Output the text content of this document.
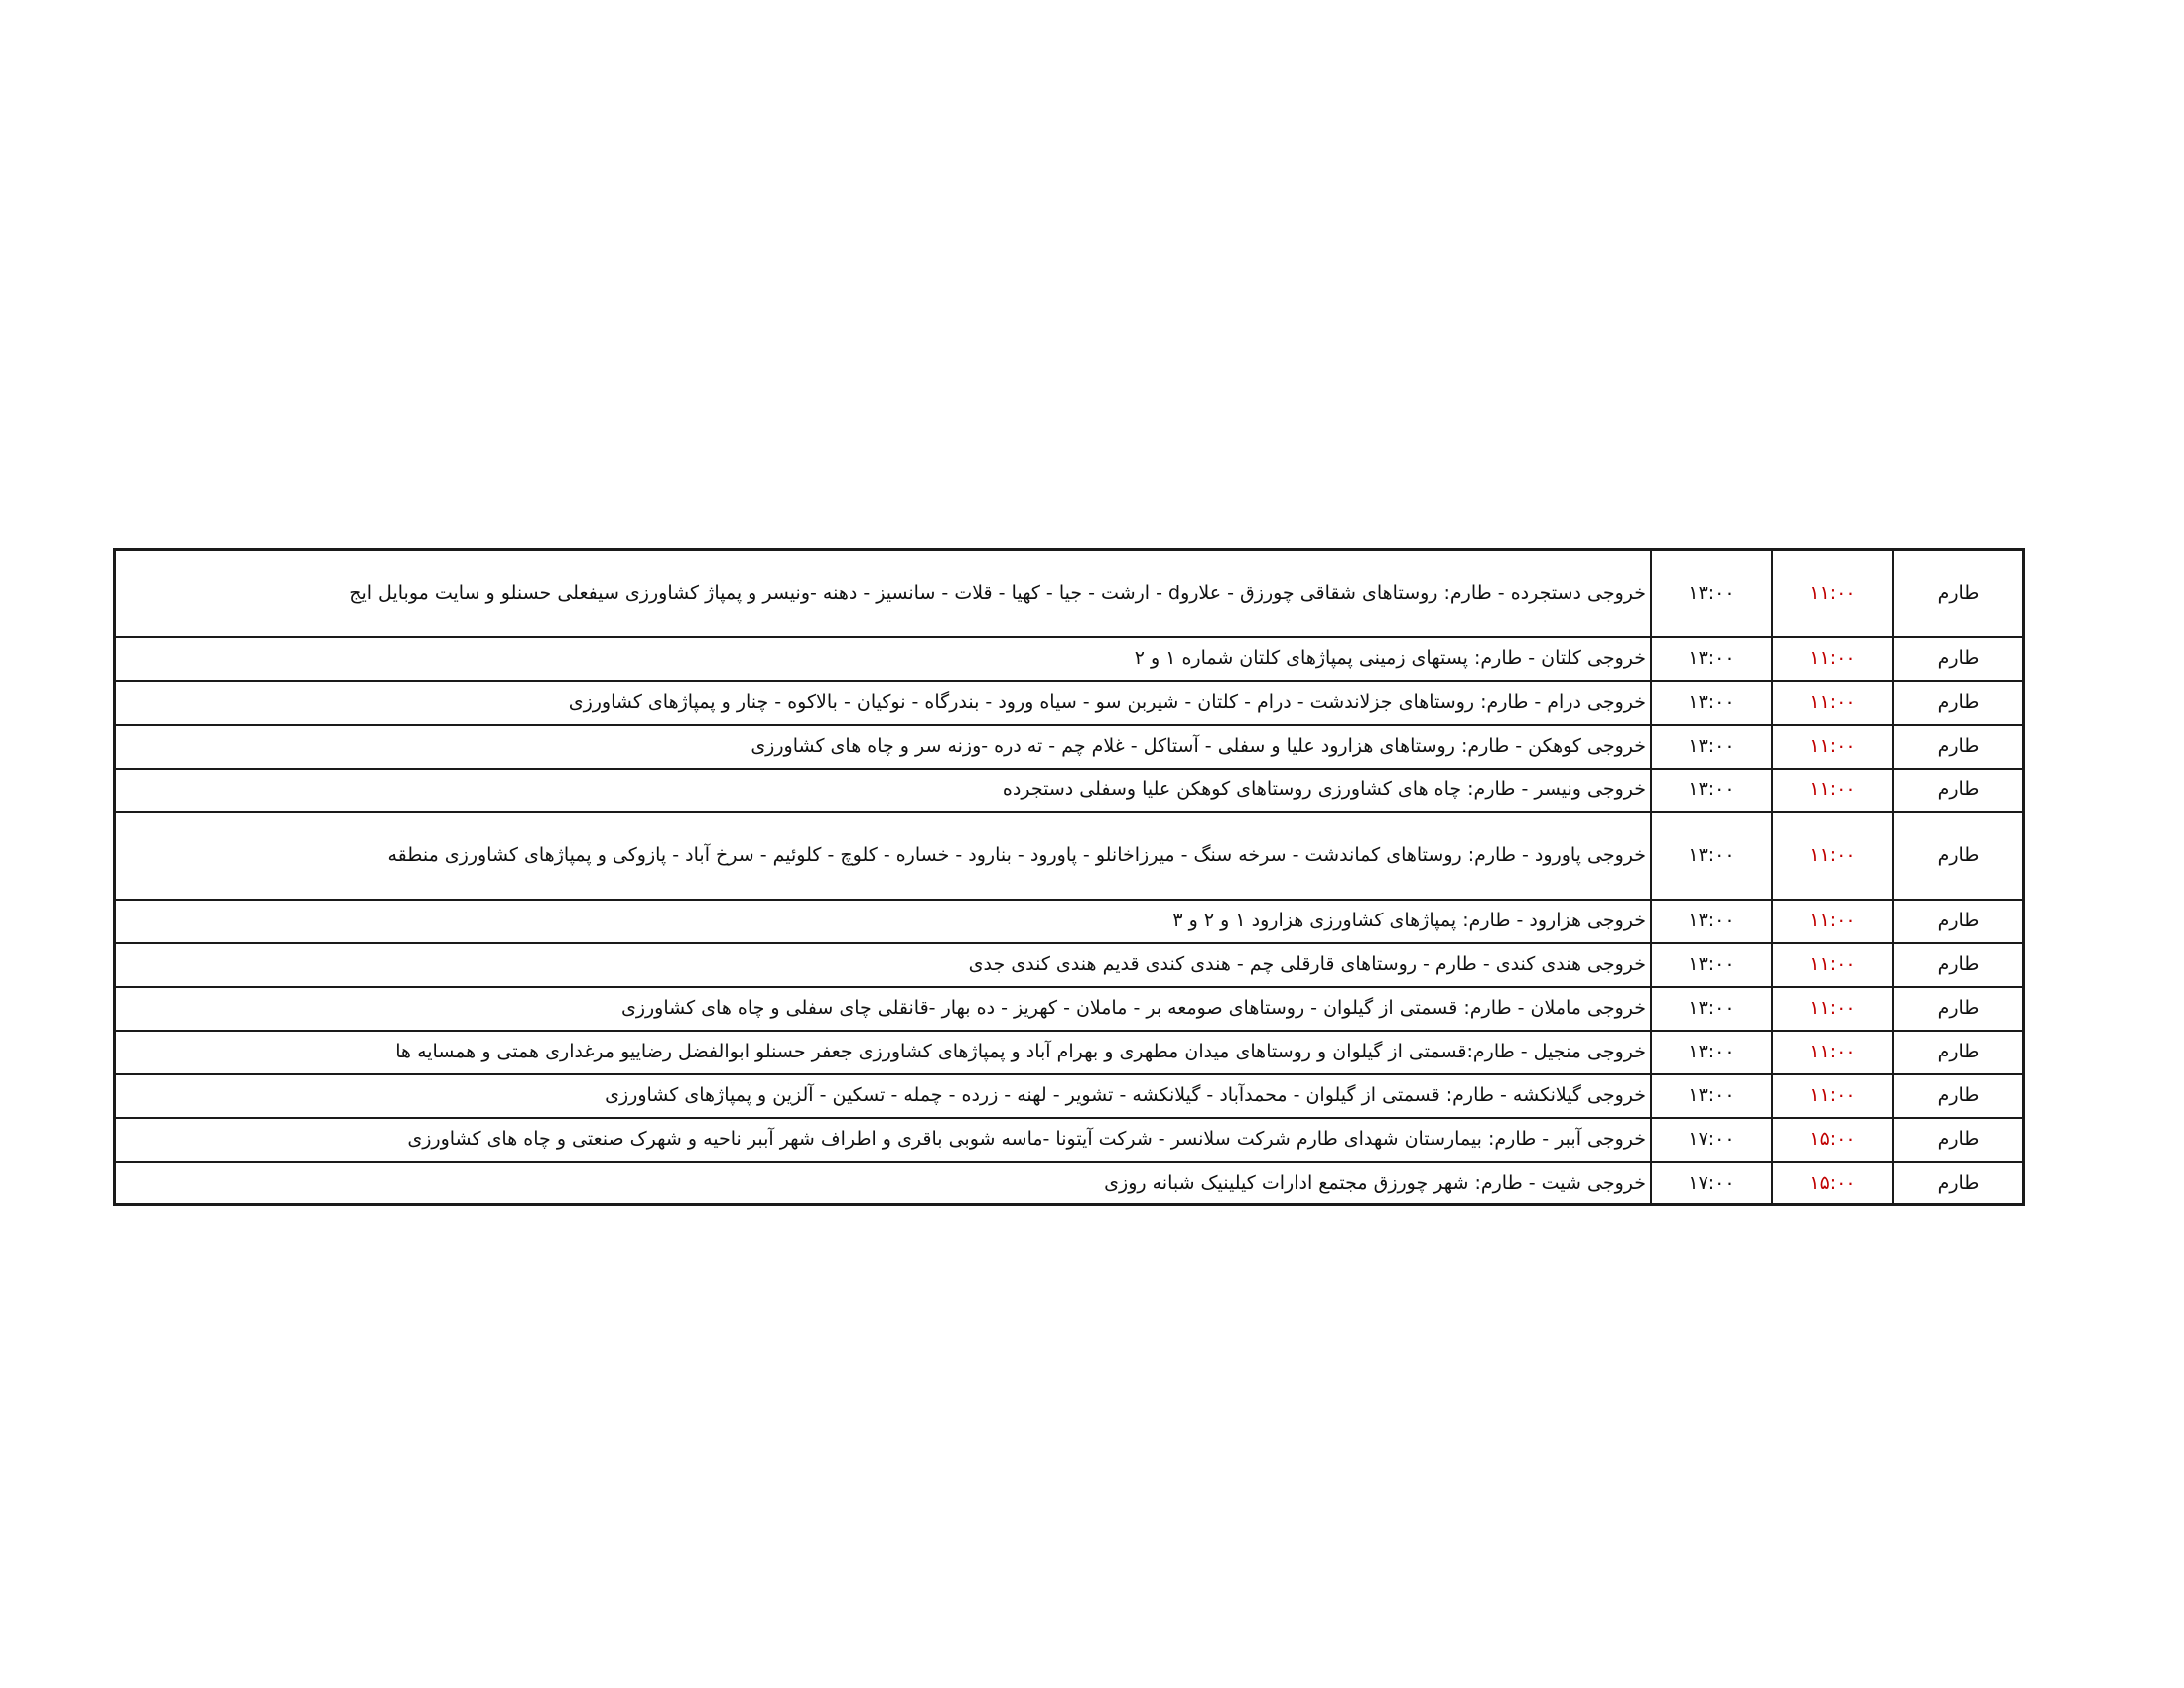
طارم	۱۱:۰۰	۱۳:۰۰	خروجی دستجرده - طارم: روستاهای شقاقی چورزق - علاروd - ارشت - جیا - کهیا - قلات - سانسیز - دهنه -ونیسر و پمپاژ کشاورزی سیفعلی حسنلو و سایت موبایل ایج
طارم	۱۱:۰۰	۱۳:۰۰	خروجی کلتان - طارم: پستهای زمینی پمپاژهای کلتان شماره ۱ و ۲
طارم	۱۱:۰۰	۱۳:۰۰	خروجی درام - طارم: روستاهای جزلاندشت - درام - کلتان - شیربن سو - سیاه ورود - بندرگاه - نوکیان - بالاکوه - چنار و پمپاژهای کشاورزی
طارم	۱۱:۰۰	۱۳:۰۰	خروجی کوهکن - طارم: روستاهای هزارود علیا و سفلی - آستاکل - غلام چم - ته دره -وزنه سر و چاه های کشاورزی
طارم	۱۱:۰۰	۱۳:۰۰	خروجی ونیسر - طارم: چاه های کشاورزی روستاهای کوهکن علیا وسفلی دستجرده
طارم	۱۱:۰۰	۱۳:۰۰	خروجی پاورود - طارم: روستاهای کماندشت - سرخه سنگ - میرزاخانلو - پاورود - بنارود - خساره - کلوچ - کلوئیم - سرخ آباد - پازوکی و پمپاژهای کشاورزی منطقه
طارم	۱۱:۰۰	۱۳:۰۰	خروجی هزارود - طارم: پمپاژهای کشاورزی هزارود ۱ و ۲ و ۳
طارم	۱۱:۰۰	۱۳:۰۰	خروجی هندی کندی - طارم - روستاهای قارقلی چم - هندی کندی قدیم هندی کندی جدی
طارم	۱۱:۰۰	۱۳:۰۰	خروجی ماملان - طارم: قسمتی از گیلوان - روستاهای صومعه بر - ماملان - کهریز - ده بهار -قانقلی چای سفلی و چاه های کشاورزی
طارم	۱۱:۰۰	۱۳:۰۰	خروجی منجیل - طارم:قسمتی از گیلوان و روستاهای میدان مطهری و بهرام آباد و پمپاژهای کشاورزی جعفر حسنلو ابوالفضل رضاییو مرغداری همتی و همسایه ها
طارم	۱۱:۰۰	۱۳:۰۰	خروجی گیلانکشه - طارم: قسمتی از گیلوان - محمدآباد - گیلانکشه - تشویر - لهنه - زرده - چمله - تسکین - آلزین و پمپاژهای کشاورزی
طارم	۱۵:۰۰	۱۷:۰۰	خروجی آببر - طارم: بیمارستان شهدای طارم شرکت سلانسر - شرکت آیتونا -ماسه شوبی باقری و اطراف شهر آببر ناحیه و شهرک صنعتی و چاه های کشاورزی
طارم	۱۵:۰۰	۱۷:۰۰	خروجی شیت - طارم: شهر چورزق مجتمع ادارات کیلینیک شبانه روزی
